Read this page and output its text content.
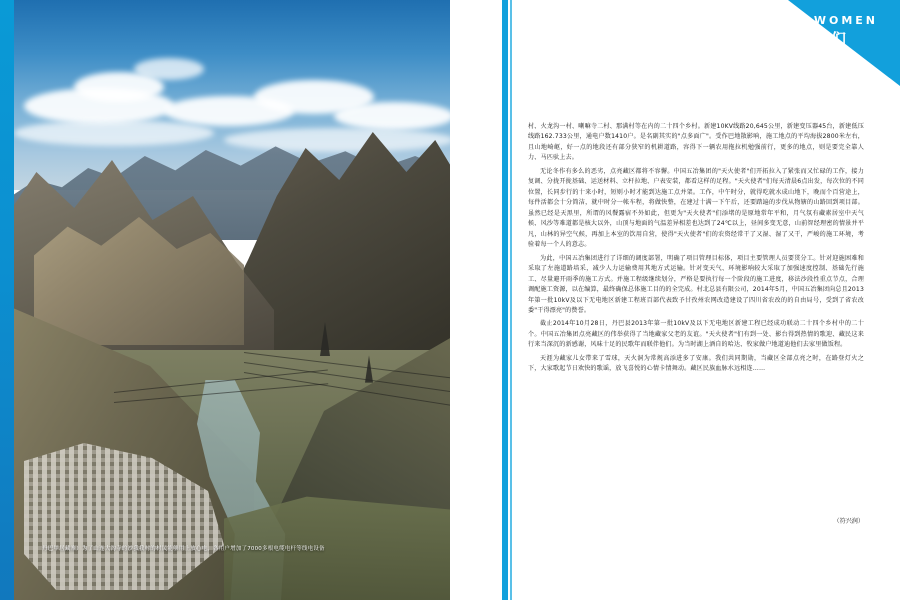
丹巴甲居藏寨）为了山连大沟寺的沙我我村的村民能够用上放心电，各用户增加了7000多根电缆电杆等线电设备
WOMEN
我们

村、火龙沟一村、喇嘛寺二村、那满村等在内的二十四个乡村。新建10KV线路20,645公里，新建变压器45台，新建低压线路162.733公里，通电户数1410户。是名副其实的"点多面广"。受作巴地散影响，施工地点的平均海拔2800米左右，且山地崎岖，好一点的地段还有部分狭窄的机耕道路，容得下一辆农用拖拉机勉强前行，更多的地点，则是要完全靠人力、马匹驮上去。

无论冬作有多么的恶劣，点亮藏区都将不容懈。中国五冶集团的"天火使者"们开拓拉入了紧张而又忙碌的工作，接力复调、分拢开拢基础、运送材料、立杆拉地、户表安装，都看这样的足程。"天火使者"们每天清晨6点出发，每次位的不同位置，长同步行的十来小时，短则小时才能到达施工点并架。工作，中午时分，就得吃就水成山地下，晚而个百营途上，每件活都会十分简洁，就中时分一帐车程，将做快整，在建过十满一下午后，还要踏遍的步伐从物辖的山路回到项目部。虽然已经是天黑里，所谓的风餐露宿不外如此，但更为"天火使者"们添堵的是原地常年平和，月气氛有藏素居室中天气候、风沙等难道都是核大以外，山顶与地面的气温差异相差也达到了24℃以上，昼间多变无意，山前智经理密的情景并平凡，山林的异空气候，再加上本室的饮用自营，使得"天火使者"们的农资经常干了又湿、湿了又干，严峻的施工环境，考验着每一个人的意志。

为此，中国五冶集团进行了详细的调度部署，明确了项目管理目标体，项目主要管理人员要贯分工。针对迎施困难和采取了左施道路培采，减少人力运输费用其地方式运输。针对变天气、环境影响较大采取了加强速度控制、基础先行施工、尽量避开雨季的施工方式。并施工程级继续划分，严格是要执行每一个阶段的施工进度，移法沙段性重点节点，合理调配施工资源，以在编算，最终确保总体施工目的的全完成。村北总县有限公司，2014年5月，中国五冶集团向总且2013年第一批10kV及以下无电地区新建工程班百部代表致予甘孜州农网改造建设了四川省农改的的自由局号，受到了省农改委"干得漂亮"的赞誉。

截止2014年10月28日，丹巴县2013年第一批10kV及以下无电地区新建工程已经成功联动二十四个乡村中的二十个。中国五冶集团点亮藏区的伟举获得了当地藏家父老的友谊。"天火使者"们有到一处、影台得到热情的歌迎、藏民这来行来当深沉的新感谢，风味十足的民歌年而联伴他们。为当时湖上酒自的哈达、牧家做户地道迪他们去家里做饭程。

天涯为藏家儿女带来了雪球，天火洞为常规高添进多了安康。我们共同期勋，当藏区全部点亮之时，在路登灯火之下，大家歌起节日欢快的歌谣，放飞喜悦的心情卡情舞动。藏区民族血脉水远相连……

（符兴润）
